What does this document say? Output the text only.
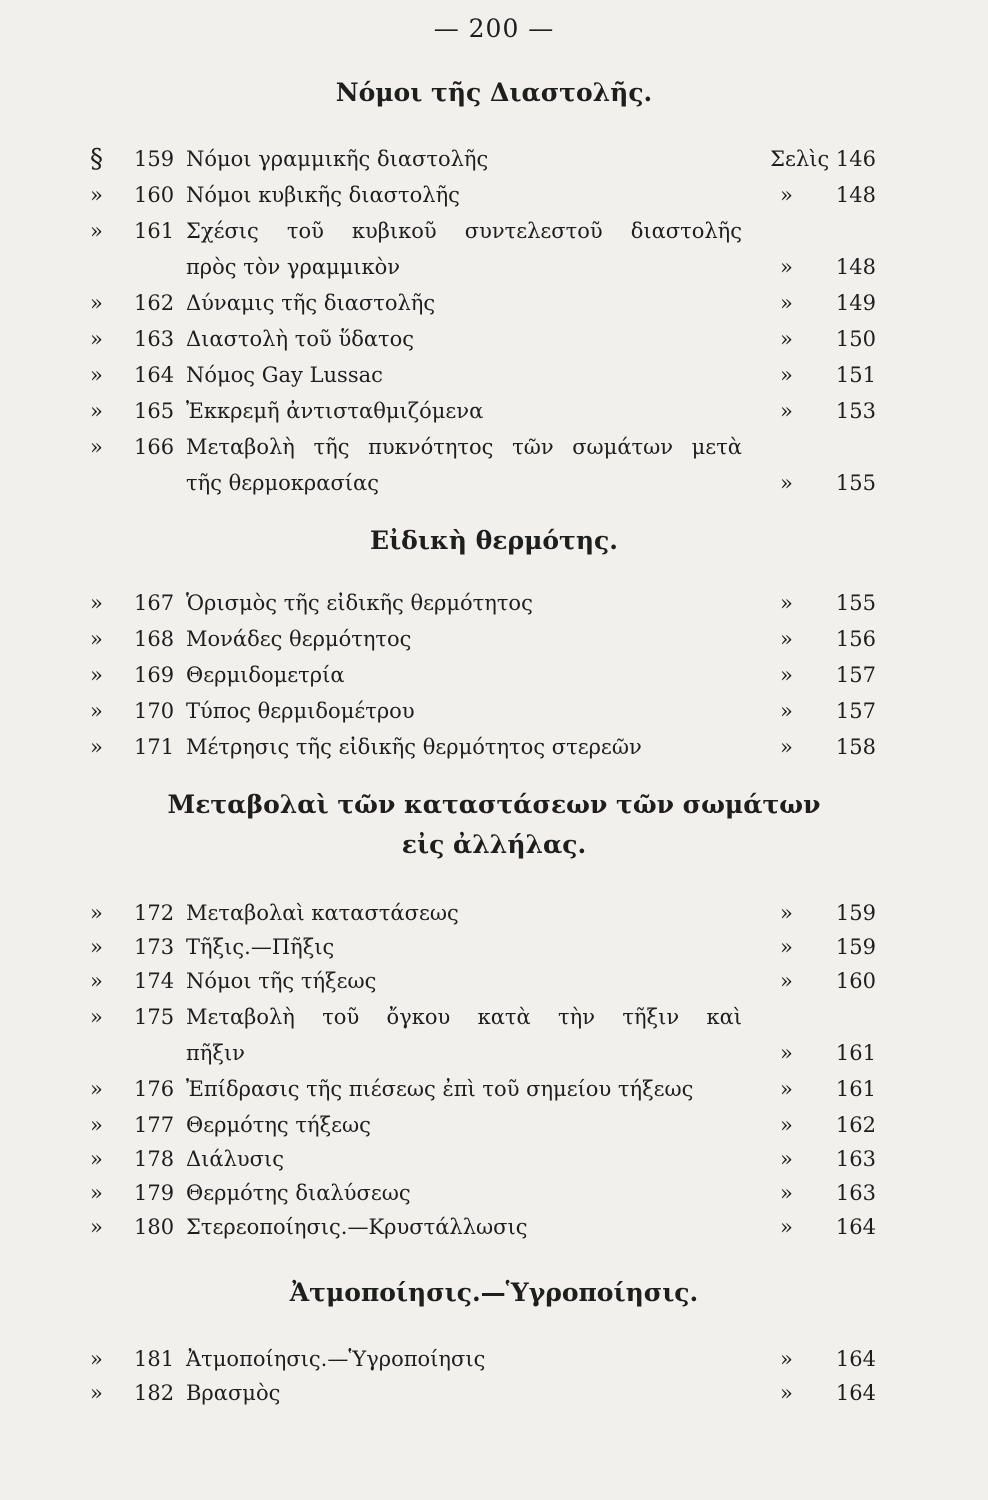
— 200 —
Νόμοι τῆς Διαστολῆς.
§	159 Νόμοι γραμμικῆς διαστολῆς	Σελὶς 146
»	160 Νόμοι κυβικῆς διαστολῆς	» 148
»	161 Σχέσις τοῦ κυβικοῦ συντελεστοῦ διαστολῆς
πρὸς τὸν γραμμικὸν	» 148
»	162 Δύναμις τῆς διαστολῆς	» 149
»	163 Διαστολὴ τοῦ ὕδατος	» 150
»	164 Νόμος Gay Lussac	» 151
»	165 Ἐκκρεμῆ ἀντισταθμιζόμενα	» 153
»	166 Μεταβολὴ τῆς πυκνότητος τῶν σωμάτων μετὰ
τῆς θερμοκρασίας	» 155
Εἰδικὴ θερμότης.
»	167 Ὁρισμὸς τῆς εἰδικῆς θερμότητος	» 155
»	168 Μονάδες θερμότητος	» 156
»	169 Θερμιδομετρία	» 157
»	170 Τύπος θερμιδομέτρου	» 157
»	171 Μέτρησις τῆς εἰδικῆς θερμότητος στερεῶν	» 158
Μεταβολαὶ τῶν καταστάσεων τῶν σωμάτων
εἰς ἀλλήλας.
»	172 Μεταβολαὶ καταστάσεως	» 159
»	173 Τῆξις.—Πῆξις	» 159
»	174 Νόμοι τῆς τήξεως	» 160
»	175 Μεταβολὴ τοῦ ὄγκου κατὰ τὴν τῆξιν καὶ
πῆξιν	» 161
»	176 Ἐπίδρασις τῆς πιέσεως ἐπὶ τοῦ σημείου τήξεως	» 161
»	177 Θερμότης τήξεως	» 162
»	178 Διάλυσις	» 163
»	179 Θερμότης διαλύσεως	» 163
»	180 Στερεοποίησις.—Κρυστάλλωσις	» 164
Ἀτμοποίησις.—Ὑγροποίησις.
»	181 Ἀτμοποίησις.—Ὑγροποίησις	» 164
»	182 Βρασμὸς	» 164
